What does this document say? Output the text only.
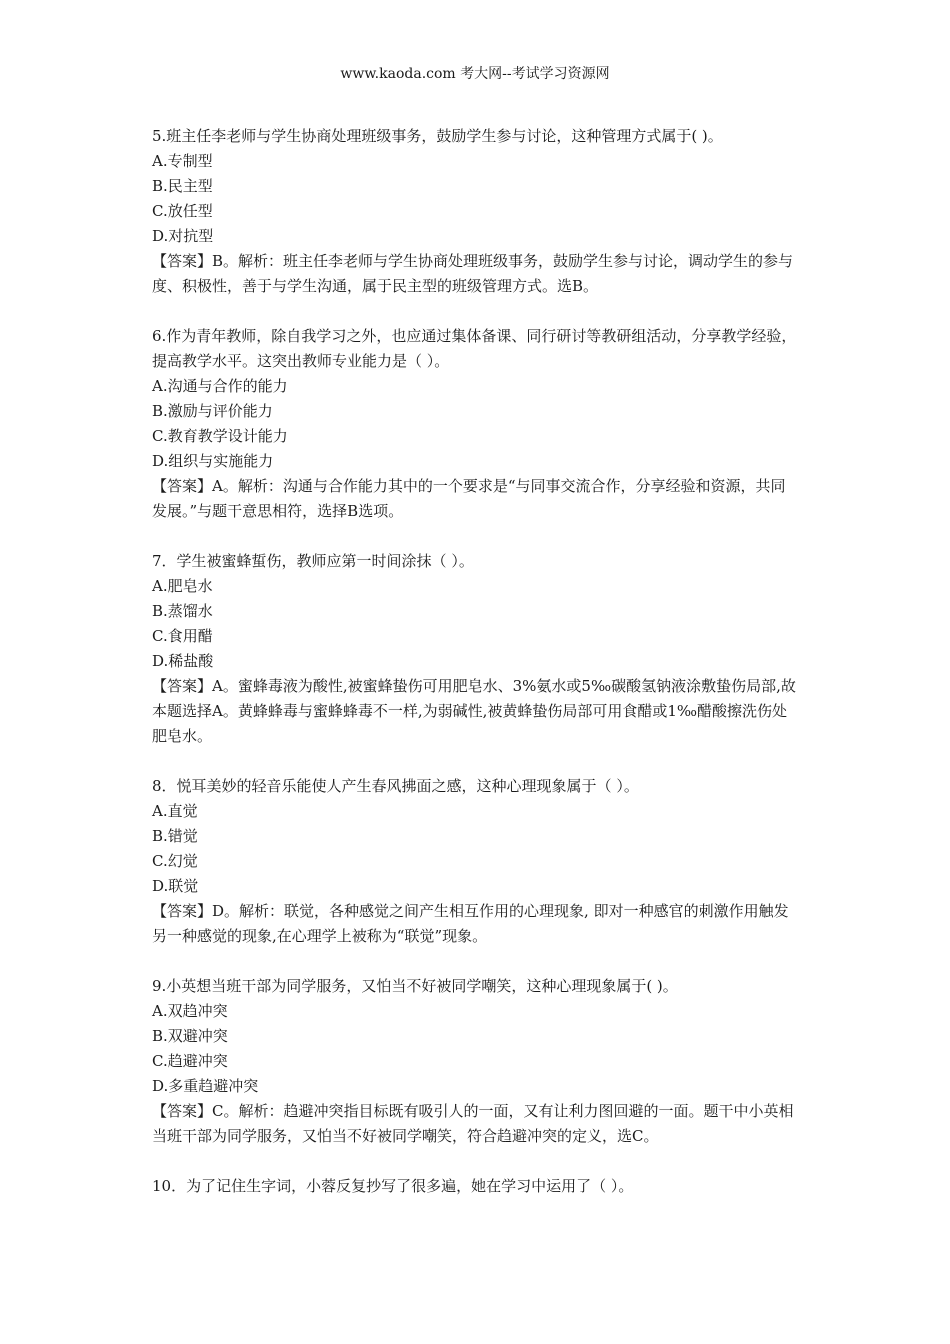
www.kaoda.com 考大网--考试学习资源网

5.班主任李老师与学生协商处理班级事务，鼓励学生参与讨论，这种管理方式属于( )。

A.专制型

B.民主型

C.放任型

D.对抗型

【答案】B。解析：班主任李老师与学生协商处理班级事务，鼓励学生参与讨论，调动学生的参与度、积极性，善于与学生沟通，属于民主型的班级管理方式。选B。

6.作为青年教师，除自我学习之外，也应通过集体备课、同行研讨等教研组活动，分享教学经验，提高教学水平。这突出教师专业能力是（ ）。

A.沟通与合作的能力

B.激励与评价能力

C.教育教学设计能力

D.组织与实施能力

【答案】A。解析：沟通与合作能力其中的一个要求是“与同事交流合作，分享经验和资源，共同发展。”与题干意思相符，选择B选项。

7．学生被蜜蜂蜇伤，教师应第一时间涂抹（ ）。

A.肥皂水

B.蒸馏水

C.食用醋

D.稀盐酸

【答案】A。蜜蜂毒液为酸性,被蜜蜂蛰伤可用肥皂水、3%氨水或5‰碳酸氢钠液涂敷蛰伤局部,故本题选择A。黄蜂蜂毒与蜜蜂蜂毒不一样,为弱碱性,被黄蜂蛰伤局部可用食醋或1‰醋酸擦洗伤处肥皂水。

8．悦耳美妙的轻音乐能使人产生春风拂面之感，这种心理现象属于（ ）。

A.直觉

B.错觉

C.幻觉

D.联觉

【答案】D。解析：联觉，各种感觉之间产生相互作用的心理现象, 即对一种感官的刺激作用触发另一种感觉的现象,在心理学上被称为“联觉”现象。

9.小英想当班干部为同学服务，又怕当不好被同学嘲笑，这种心理现象属于( )。

A.双趋冲突

B.双避冲突

C.趋避冲突

D.多重趋避冲突

【答案】C。解析：趋避冲突指目标既有吸引人的一面，又有让利力图回避的一面。题干中小英相当班干部为同学服务，又怕当不好被同学嘲笑，符合趋避冲突的定义，选C。

10．为了记住生字词，小蓉反复抄写了很多遍，她在学习中运用了（ ）。
